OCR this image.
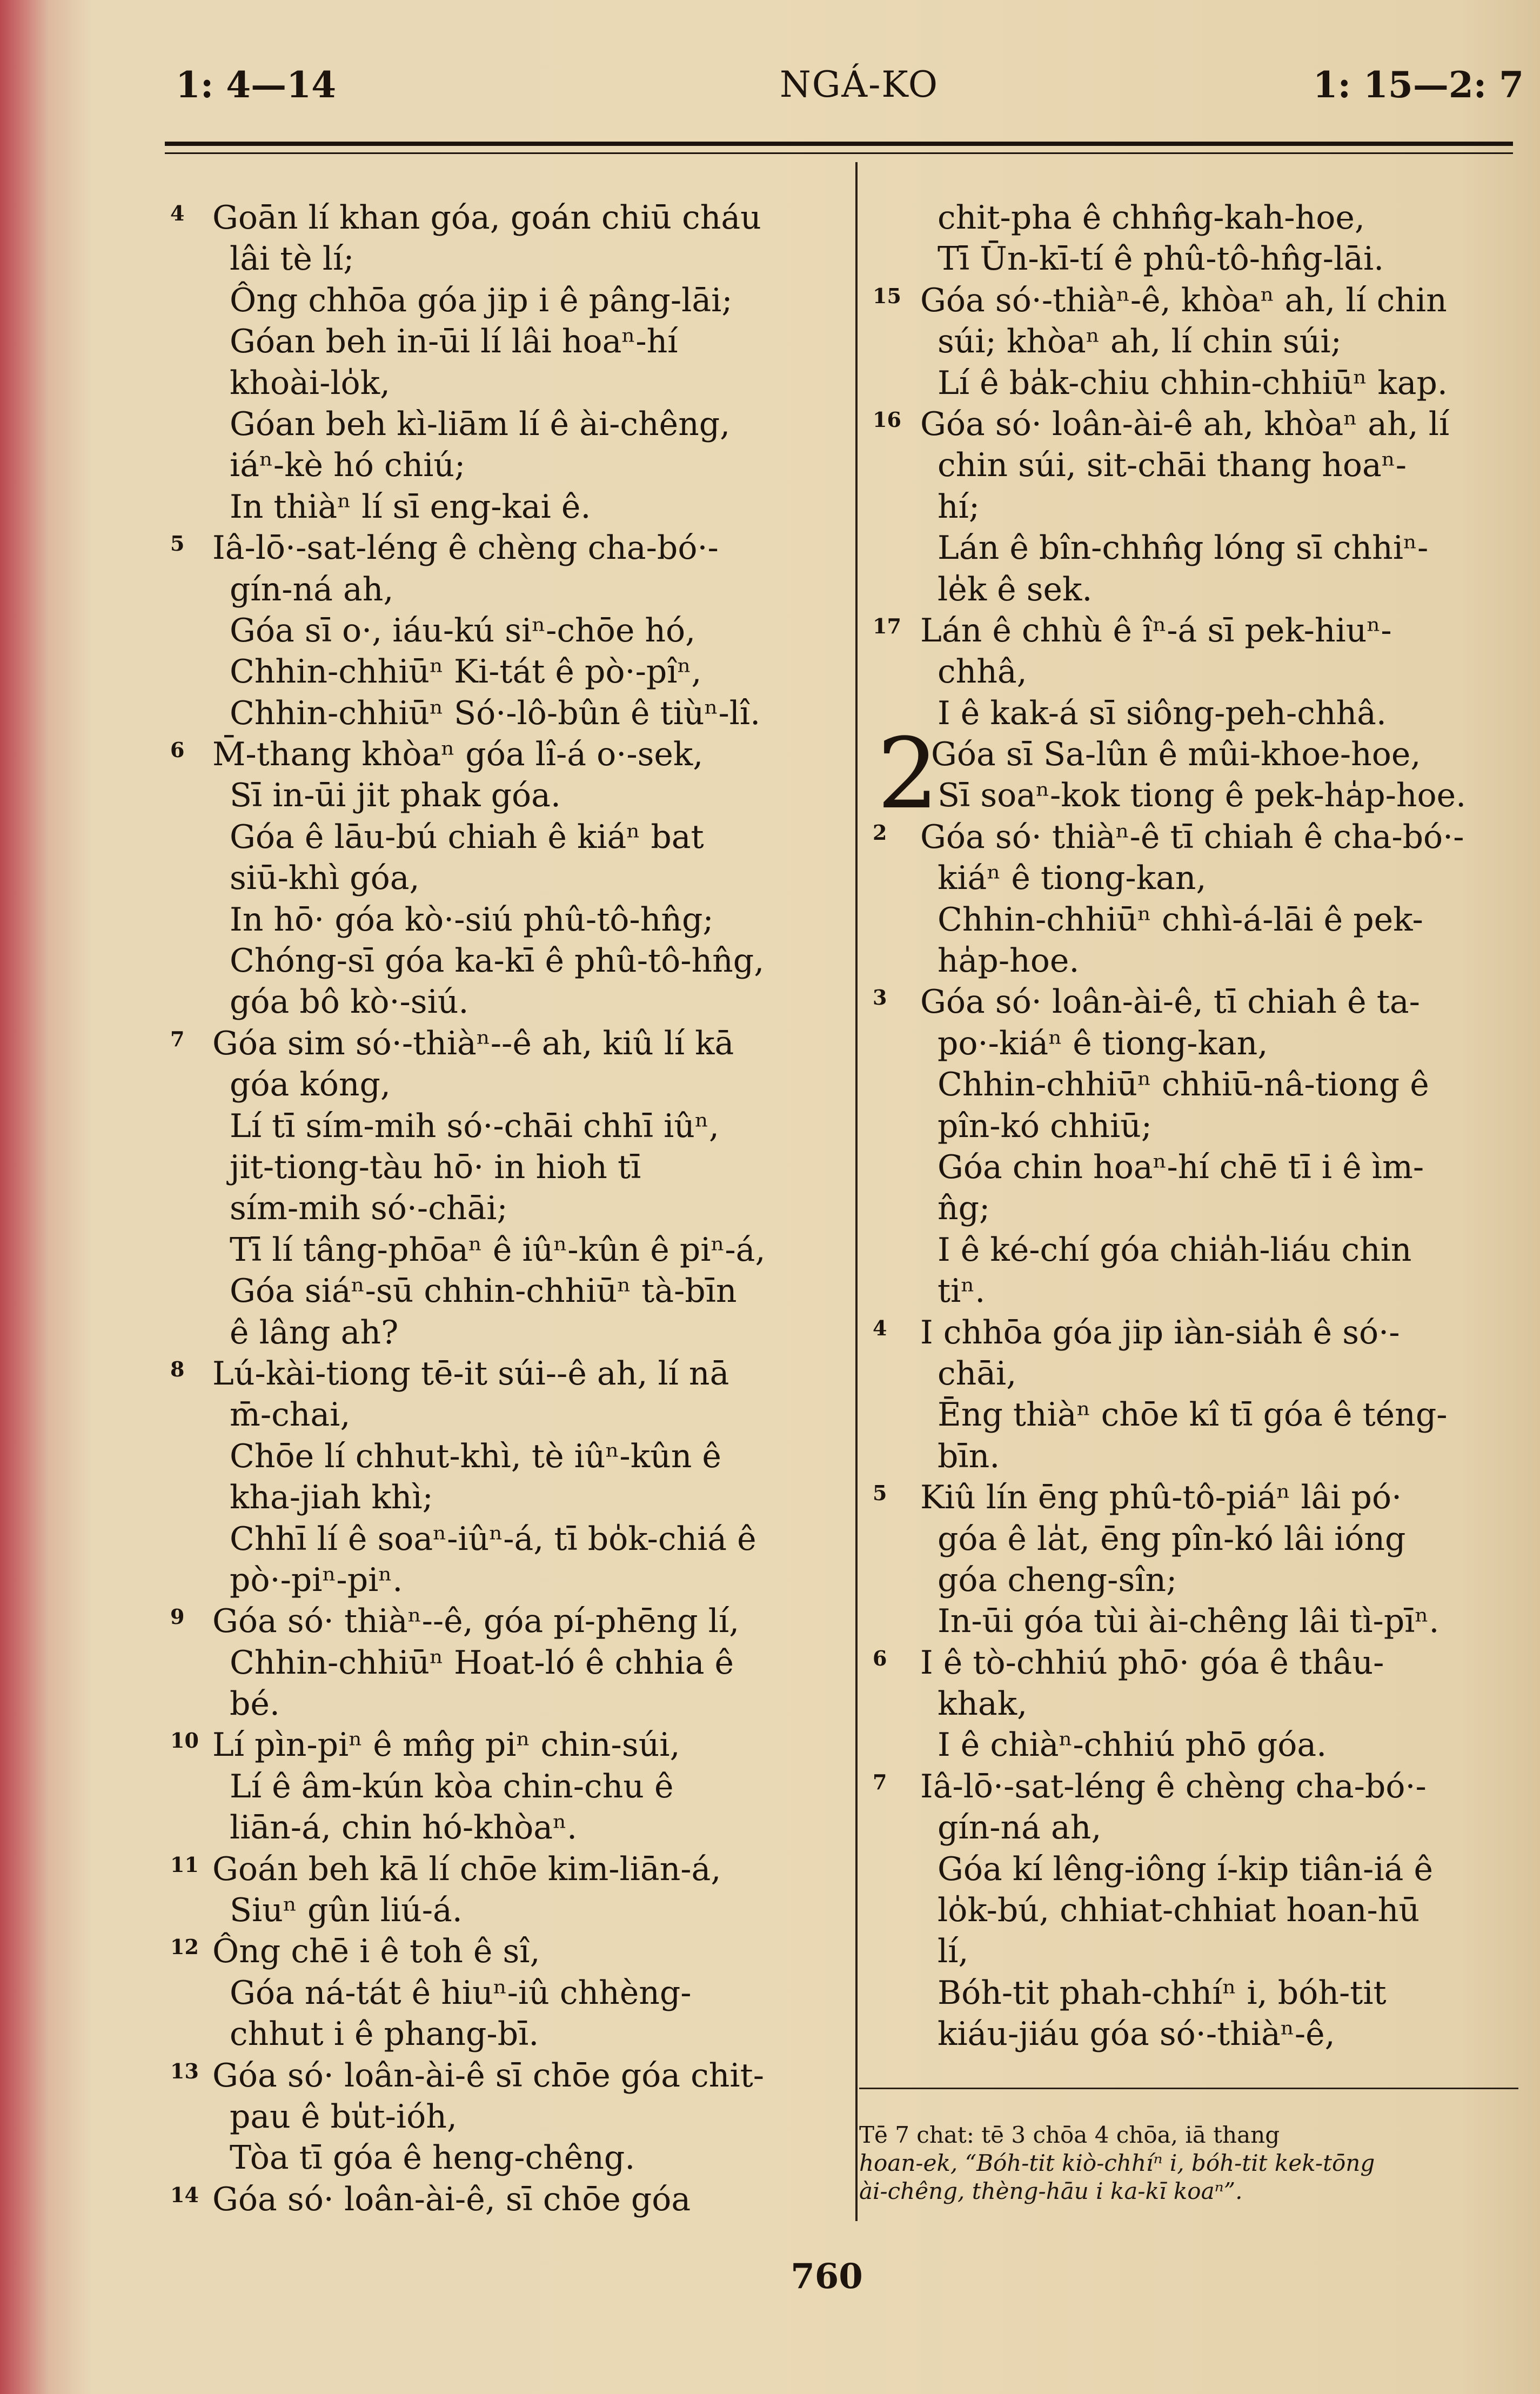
1: 4—14	NGÁ-KO	1: 15—2: 7
4 Goān lí khan góa, goán chiū cháu
lâi tè lí;
Ông chhōa góa jip i ê pâng-lāi;
Góan beh in-ūi lí lâi hoaⁿ-hí
khoài-lo̍k,
Góan beh kì-liām lí ê ài-chêng,
iáⁿ-kè hó chiú;
In thiàⁿ lí sī eng-kai ê.
5 Iâ-lō·-sat-léng ê chèng cha-bó·-
gín-ná ah,
Góa sī o·, iáu-kú siⁿ-chōe hó,
Chhin-chhiūⁿ Ki-tát ê pò·-pîⁿ,
Chhin-chhiūⁿ Só·-lô-bûn ê tiùⁿ-lî.
6 M̄-thang khòaⁿ góa lî-á o·-sek,
Sī in-ūi jit phak góa.
Góa ê lāu-bú chiah ê kiáⁿ bat
siū-khì góa,
In hō· góa kò·-siú phû-tô-hn̂g;
Chóng-sī góa ka-kī ê phû-tô-hn̂g,
góa bô kò·-siú.
7 Góa sim só·-thiàⁿ--ê ah, kiû lí kā
góa kóng,
Lí tī sím-mih só·-chāi chhī iûⁿ,
jit-tiong-tàu hō· in hioh tī
sím-mih só·-chāi;
Tī lí tâng-phōaⁿ ê iûⁿ-kûn ê piⁿ-á,
Góa siáⁿ-sū chhin-chhiūⁿ tà-bīn
ê lâng ah?
8 Lú-kài-tiong tē-it súi--ê ah, lí nā
m̄-chai,
Chōe lí chhut-khì, tè iûⁿ-kûn ê
kha-jiah khì;
Chhī lí ê soaⁿ-iûⁿ-á, tī bo̍k-chiá ê
pò·-piⁿ-piⁿ.
9 Góa só· thiàⁿ--ê, góa pí-phēng lí,
Chhin-chhiūⁿ Hoat-ló ê chhia ê
bé.
10 Lí pìn-piⁿ ê mn̂g piⁿ chin-súi,
Lí ê âm-kún kòa chin-chu ê
liān-á, chin hó-khòaⁿ.
11 Goán beh kā lí chōe kim-liān-á,
Siuⁿ gûn liú-á.
12 Ông chē i ê toh ê sî,
Góa ná-tát ê hiuⁿ-iû chhèng-
chhut i ê phang-bī.
13 Góa só· loân-ài-ê sī chōe góa chit-
pau ê bu̍t-ióh,
Tòa tī góa ê heng-chêng.
14 Góa só· loân-ài-ê, sī chōe góa
chit-pha ê chhn̂g-kah-hoe,
Tī Ūn-kī-tí ê phû-tô-hn̂g-lāi.
15 Góa só·-thiàⁿ-ê, khòaⁿ ah, lí chin
súi; khòaⁿ ah, lí chin súi;
Lí ê ba̍k-chiu chhin-chhiūⁿ kap.
16 Góa só· loân-ài-ê ah, khòaⁿ ah, lí
chin súi, sit-chāi thang hoaⁿ-
hí;
Lán ê bîn-chhn̂g lóng sī chhiⁿ-
le̍k ê sek.
17 Lán ê chhù ê îⁿ-á sī pek-hiuⁿ-
chhâ,
I ê kak-á sī siông-peh-chhâ.
2
Góa sī Sa-lûn ê mûi-khoe-hoe,
Sī soaⁿ-kok tiong ê pek-ha̍p-hoe.
2 Góa só· thiàⁿ-ê tī chiah ê cha-bó·-
kiáⁿ ê tiong-kan,
Chhin-chhiūⁿ chhì-á-lāi ê pek-
ha̍p-hoe.
3 Góa só· loân-ài-ê, tī chiah ê ta-
po·-kiáⁿ ê tiong-kan,
Chhin-chhiūⁿ chhiū-nâ-tiong ê
pîn-kó chhiū;
Góa chin hoaⁿ-hí chē tī i ê ìm-
n̂g;
I ê ké-chí góa chia̍h-liáu chin
tiⁿ.
4 I chhōa góa jip iàn-sia̍h ê só·-
chāi,
Ēng thiàⁿ chōe kî tī góa ê téng-
bīn.
5 Kiû lín ēng phû-tô-piáⁿ lâi pó·
góa ê la̍t, ēng pîn-kó lâi ióng
góa cheng-sîn;
In-ūi góa tùi ài-chêng lâi tì-pīⁿ.
6 I ê tò-chhiú phō· góa ê thâu-
khak,
I ê chiàⁿ-chhiú phō góa.
7 Iâ-lō·-sat-léng ê chèng cha-bó·-
gín-ná ah,
Góa kí lêng-iông í-kip tiân-iá ê
lo̍k-bú, chhiat-chhiat hoan-hū
lí,
Bóh-tit phah-chhíⁿ i, bóh-tit
kiáu-jiáu góa só·-thiàⁿ-ê,
Tē 7 chat: tē 3 chōa 4 chōa, iā thang
hoan-ek, “Bóh-tit kiò-chhíⁿ i, bóh-tit kek-tōng
ài-chêng, thèng-hāu i ka-kī koaⁿ”.
760
